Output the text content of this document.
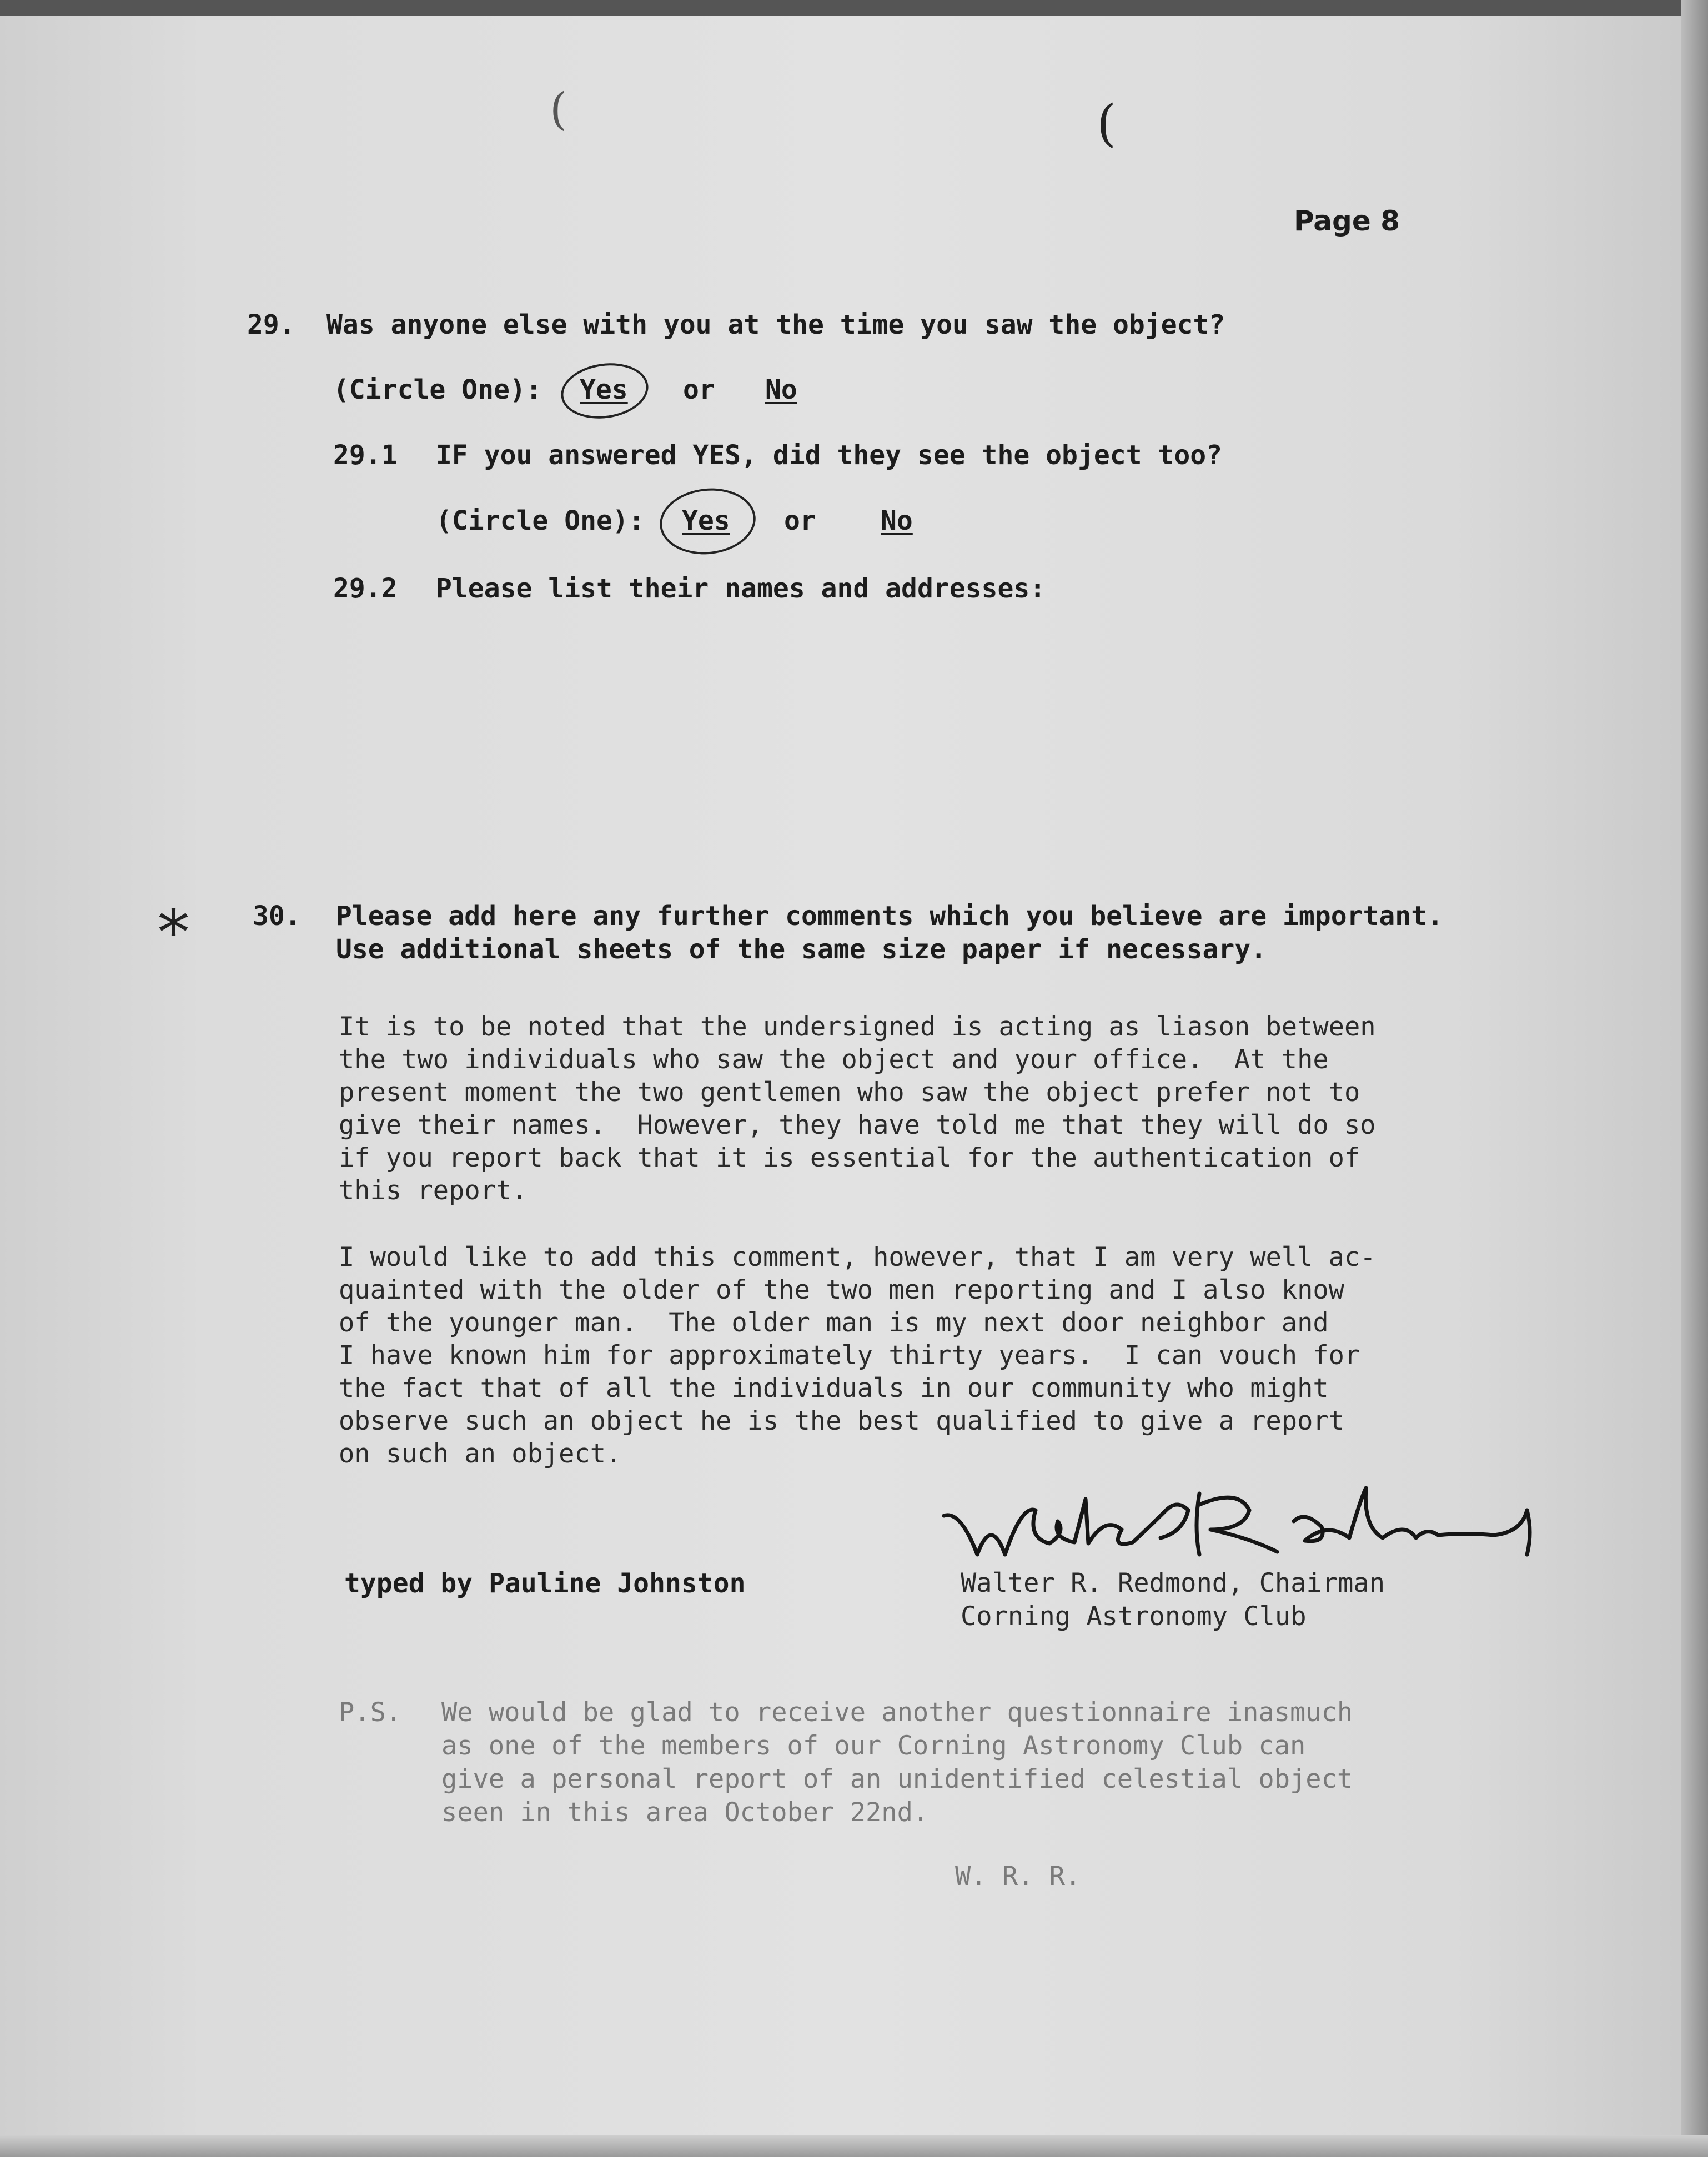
(	(
Page 8
29. Was anyone else with you at the time you saw the object?
(Circle One): Yes or No
29.1 IF you answered YES, did they see the object too?
(Circle One): Yes or No
29.2 Please list their names and addresses:
* 30. Please add here any further comments which you believe are important.
Use additional sheets of the same size paper if necessary.
It is to be noted that the undersigned is acting as liason between
the two individuals who saw the object and your office.  At the
present moment the two gentlemen who saw the object prefer not to
give their names.  However, they have told me that they will do so
if you report back that it is essential for the authentication of
this report.
I would like to add this comment, however, that I am very well ac-
quainted with the older of the two men reporting and I also know
of the younger man.  The older man is my next door neighbor and
I have known him for approximately thirty years.  I can vouch for
the fact that of all the individuals in our community who might
observe such an object he is the best qualified to give a report
on such an object.
typed by Pauline Johnston	Walter R. Redmond, Chairman
Corning Astronomy Club
P.S. We would be glad to receive another questionnaire inasmuch
as one of the members of our Corning Astronomy Club can
give a personal report of an unidentified celestial object
seen in this area October 22nd.
W. R. R.
